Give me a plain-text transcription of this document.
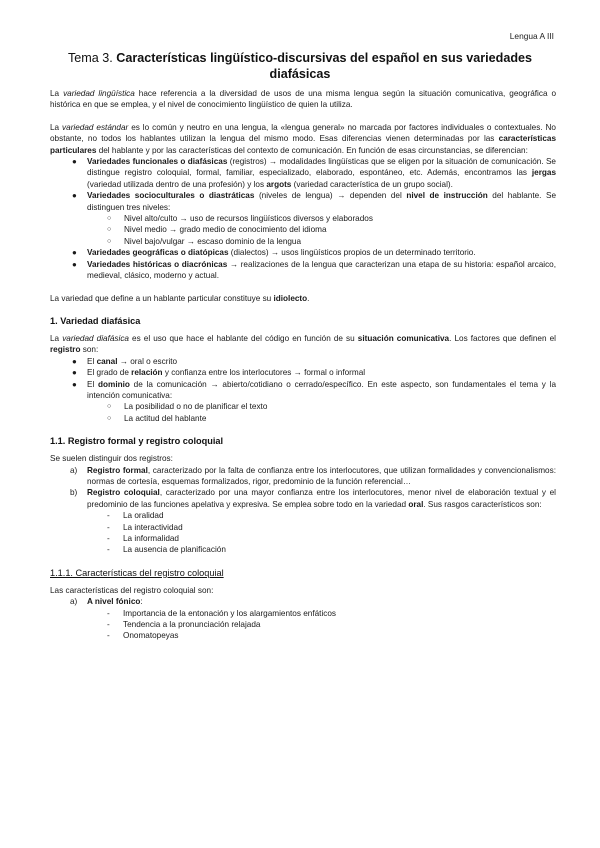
Lengua A III
Tema 3. Características lingüístico-discursivas del español en sus variedades diafásicas

La variedad lingüística hace referencia a la diversidad de usos de una misma lengua según la situación comunicativa, geográfica o histórica en que se emplea, y el nivel de conocimiento lingüístico de quien la utiliza.

La variedad estándar es lo común y neutro en una lengua, la «lengua general» no marcada por factores individuales o contextuales. No obstante, no todos los hablantes utilizan la lengua del mismo modo. Esas diferencias vienen determinadas por las características particulares del hablante y por las características del contexto de comunicación. En función de esas circunstancias, se diferencian:

● Variedades funcionales o diafásicas (registros) → modalidades lingüísticas que se eligen por la situación de comunicación. Se distingue registro coloquial, formal, familiar, especializado, elaborado, espontáneo, etc. Además, encontramos las jergas (variedad utilizada dentro de una profesión) y los argots (variedad característica de un grupo social).
● Variedades socioculturales o diastráticas (niveles de lengua) → dependen del nivel de instrucción del hablante. Se distinguen tres niveles:
○ Nivel alto/culto → uso de recursos lingüísticos diversos y elaborados
○ Nivel medio → grado medio de conocimiento del idioma
○ Nivel bajo/vulgar → escaso dominio de la lengua
● Variedades geográficas o diatópicas (dialectos) → usos lingüísticos propios de un determinado territorio.
● Variedades históricas o diacrónicas → realizaciones de la lengua que caracterizan una etapa de su historia: español arcaico, medieval, clásico, moderno y actual.

La variedad que define a un hablante particular constituye su idiolecto.

1. Variedad diafásica

La variedad diafásica es el uso que hace el hablante del código en función de su situación comunicativa. Los factores que definen el registro son:

● El canal → oral o escrito
● El grado de relación y confianza entre los interlocutores → formal o informal
● El dominio de la comunicación → abierto/cotidiano o cerrado/específico. En este aspecto, son fundamentales el tema y la intención comunicativa:
○ La posibilidad o no de planificar el texto
○ La actitud del hablante
1.1. Registro formal y registro coloquial

Se suelen distinguir dos registros:

a) Registro formal, caracterizado por la falta de confianza entre los interlocutores, que utilizan formalidades y convencionalismos: normas de cortesía, esquemas formalizados, rigor, predominio de la función referencial…
b) Registro coloquial, caracterizado por una mayor confianza entre los interlocutores, menor nivel de elaboración textual y el predominio de las funciones apelativa y expresiva. Se emplea sobre todo en la variedad oral. Sus rasgos característicos son:
- La oralidad
- La interactividad
- La informalidad
- La ausencia de planificación
1.1.1. Características del registro coloquial

Las características del registro coloquial son:

a) A nivel fónico:
- Importancia de la entonación y los alargamientos enfáticos
- Tendencia a la pronunciación relajada
- Onomatopeyas
